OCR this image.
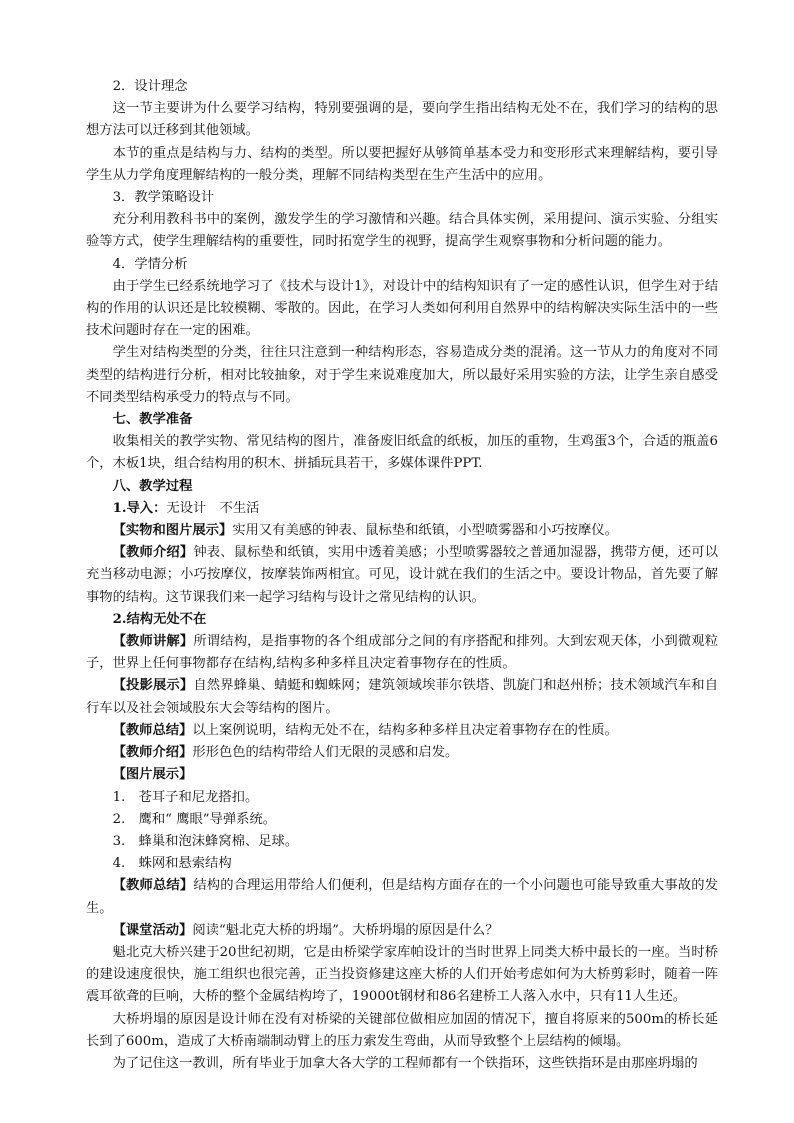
2．设计理念

这一节主要讲为什么要学习结构，特别要强调的是，要向学生指出结构无处不在，我们学习的结构的思想方法可以迁移到其他领域。

本节的重点是结构与力、结构的类型。所以要把握好从够简单基本受力和变形形式来理解结构，要引导学生从力学角度理解结构的一般分类，理解不同结构类型在生产生活中的应用。

3．教学策略设计

充分利用教科书中的案例，激发学生的学习激情和兴趣。结合具体实例，采用提问、演示实验、分组实验等方式，使学生理解结构的重要性，同时拓宽学生的视野，提高学生观察事物和分析问题的能力。

4．学情分析

由于学生已经系统地学习了《技术与设计1》，对设计中的结构知识有了一定的感性认识，但学生对于结构的作用的认识还是比较模糊、零散的。因此，在学习人类如何利用自然界中的结构解决实际生活中的一些技术问题时存在一定的困难。

学生对结构类型的分类，往往只注意到一种结构形态，容易造成分类的混淆。这一节从力的角度对不同类型的结构进行分析，相对比较抽象，对于学生来说难度加大，所以最好采用实验的方法，让学生亲自感受不同类型结构承受力的特点与不同。

七、教学准备

收集相关的教学实物、常见结构的图片，准备废旧纸盒的纸板，加压的重物，生鸡蛋3个，合适的瓶盖6个，木板1块，组合结构用的积木、拼插玩具若干，多媒体课件PPT.

八、教学过程

1.导入：无设计　不生活

【实物和图片展示】实用又有美感的钟表、鼠标垫和纸镇，小型喷雾器和小巧按摩仪。

【教师介绍】钟表、鼠标垫和纸镇，实用中透着美感；小型喷雾器较之普通加湿器，携带方便，还可以充当移动电源；小巧按摩仪，按摩装饰两相宜。可见，设计就在我们的生活之中。要设计物品，首先要了解事物的结构。这节课我们来一起学习结构与设计之常见结构的认识。

2.结构无处不在

【教师讲解】所谓结构，是指事物的各个组成部分之间的有序搭配和排列。大到宏观天体，小到微观粒子，世界上任何事物都存在结构,结构多种多样且决定着事物存在的性质。

【投影展示】自然界蜂巢、蜻蜓和蜘蛛网；建筑领域埃菲尔铁塔、凯旋门和赵州桥；技术领域汽车和自行车以及社会领域股东大会等结构的图片。

【教师总结】以上案例说明，结构无处不在，结构多种多样且决定着事物存在的性质。

【教师介绍】形形色色的结构带给人们无限的灵感和启发。

【图片展示】

1.　苍耳子和尼龙搭扣。

2.　鹰和“ 鹰眼”导弹系统。

3.　蜂巢和泡沫蜂窝棉、足球。

4.　蛛网和悬索结构

【教师总结】结构的合理运用带给人们便利，但是结构方面存在的一个小问题也可能导致重大事故的发生。

【课堂活动】阅读“魁北克大桥的坍塌”。大桥坍塌的原因是什么？

魁北克大桥兴建于20世纪初期，它是由桥梁学家库帕设计的当时世界上同类大桥中最长的一座。当时桥的建设速度很快，施工组织也很完善，正当投资修建这座大桥的人们开始考虑如何为大桥剪彩时，随着一阵震耳欲聋的巨响，大桥的整个金属结构垮了，19000t钢材和86名建桥工人落入水中，只有11人生还。

大桥坍塌的原因是设计师在没有对桥梁的关键部位做相应加固的情况下，擅自将原来的500m的桥长延长到了600m，造成了大桥南端制动臂上的压力索发生弯曲，从而导致整个上层结构的倾塌。

为了记住这一教训，所有毕业于加拿大各大学的工程师都有一个铁指环，这些铁指环是由那座坍塌的
